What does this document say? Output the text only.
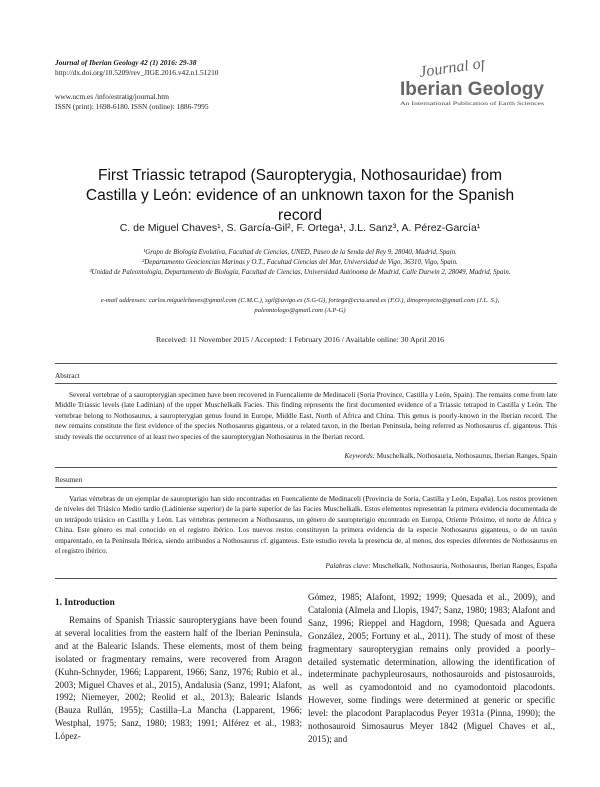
Journal of Iberian Geology 42 (1) 2016: 29-38
http://dx.doi.org/10.5209/rev_JIGE.2016.v42.n1.51210
www.ucm.es /info/estratig/journal.htm
ISSN (print): 1698-6180. ISSN (online): 1886-7995
Journal of
Iberian Geology
An International Publication of Earth Sciences
First Triassic tetrapod (Sauropterygia, Nothosauridae) from Castilla y León: evidence of an unknown taxon for the Spanish record
C. de Miguel Chaves¹, S. García-Gil², F. Ortega¹, J.L. Sanz³, A. Pérez-García¹
¹Grupo de Biología Evolutiva, Facultad de Ciencias, UNED, Paseo de la Senda del Rey 9, 28040, Madrid, Spain.
²Departamento Geociencias Marinas y O.T., Facultad Ciencias del Mar, Universidad de Vigo, 36310, Vigo, Spain.
³Unidad de Paleontología, Departamento de Biología, Facultad de Ciencias, Universidad Autónoma de Madrid, Calle Darwin 2, 28049, Madrid, Spain.
e-mail addresses: carlos.miguelchaves@gmail.com (C.M.C.), sgil@uvigo.es (S.G-G), fortega@ccia.uned.es (F.O.), dinoproyecto@gmail.com (J.L. S.), paleontologo@gmail.com (A.P-G)
Received: 11 November 2015 / Accepted: 1 February 2016 / Available online: 30 April 2016
Abstract
Several vertebrae of a sauropterygian specimen have been recovered in Fuencaliente de Medinaceli (Soria Province, Castilla y León, Spain). The remains come from late Middle Triassic levels (late Ladinian) of the upper Muschelkalk Facies. This finding represents the first documented evidence of a Triassic tetrapod in Castilla y León. The vertebrae belong to Nothosaurus, a sauropterygian genus found in Europe, Middle East, North of Africa and China. This genus is poorly-known in the Iberian record. The new remains constitute the first evidence of the species Nothosaurus giganteus, or a related taxon, in the Iberian Peninsula, being referred as Nothosaurus cf. giganteus. This study reveals the occurrence of at least two species of the sauropterygian Nothosaurus in the Iberian record.
Keywords: Muschelkalk, Nothosauria, Nothosaurus, Iberian Ranges, Spain
Resumen
Varias vértebras de un ejemplar de sauropterigio han sido encontradas en Fuencaliente de Medinaceli (Provincia de Soria, Castilla y León, España). Los restos provienen de niveles del Triásico Medio tardío (Ladiniense superior) de la parte superior de las Facies Muschelkalk. Estos elementos representan la primera evidencia documentada de un tetrápodo triásico en Castilla y León. Las vértebras pertenecen a Nothosaurus, un género de sauropterigio encontrado en Europa, Oriente Próximo, el norte de África y China. Este género es mal conocido en el registro ibérico. Los nuevos restos constituyen la primera evidencia de la especie Nothosaurus giganteus, o de un taxón emparentado, en la Península Ibérica, siendo atribuidos a Nothosaurus cf. giganteus. Este estudio revela la presencia de, al menos, dos especies diferentes de Nothosaurus en el registro ibérico.
Palabras clave: Muschelkalk, Nothosauria, Nothosaurus, Iberian Ranges, España
1. Introduction
Remains of Spanish Triassic sauropterygians have been found at several localities from the eastern half of the Iberian Peninsula, and at the Balearic Islands. These elements, most of them being isolated or fragmentary remains, were recovered from Aragon (Kuhn-Schnyder, 1966; Lapparent, 1966; Sanz, 1976; Rubio et al., 2003; Miguel Chaves et al., 2015), Andalusia (Sanz, 1991; Alafont, 1992; Niemeyer, 2002; Reolid et al., 2013); Balearic Islands (Bauza Rullán, 1955); Castilla–La Mancha (Lapparent, 1966; Westphal, 1975; Sanz, 1980; 1983; 1991; Alférez et al., 1983; López-
Gómez, 1985; Alafont, 1992; 1999; Quesada et al., 2009), and Catalonia (Almela and Llopis, 1947; Sanz, 1980; 1983; Alafont and Sanz, 1996; Rieppel and Hagdorn, 1998; Quesada and Aguera González, 2005; Fortuny et al., 2011). The study of most of these fragmentary sauropterygian remains only provided a poorly–detailed systematic determination, allowing the identification of indeterminate pachypleurosaurs, nothosauroids and pistosauroids, as well as cyamodontoid and no cyamodontoid placodonts. However, some findings were determined at generic or specific level: the placodont Paraplacodus Peyer 1931a (Pinna, 1990); the nothosauroid Simosaurus Meyer 1842 (Miguel Chaves et al., 2015); and
